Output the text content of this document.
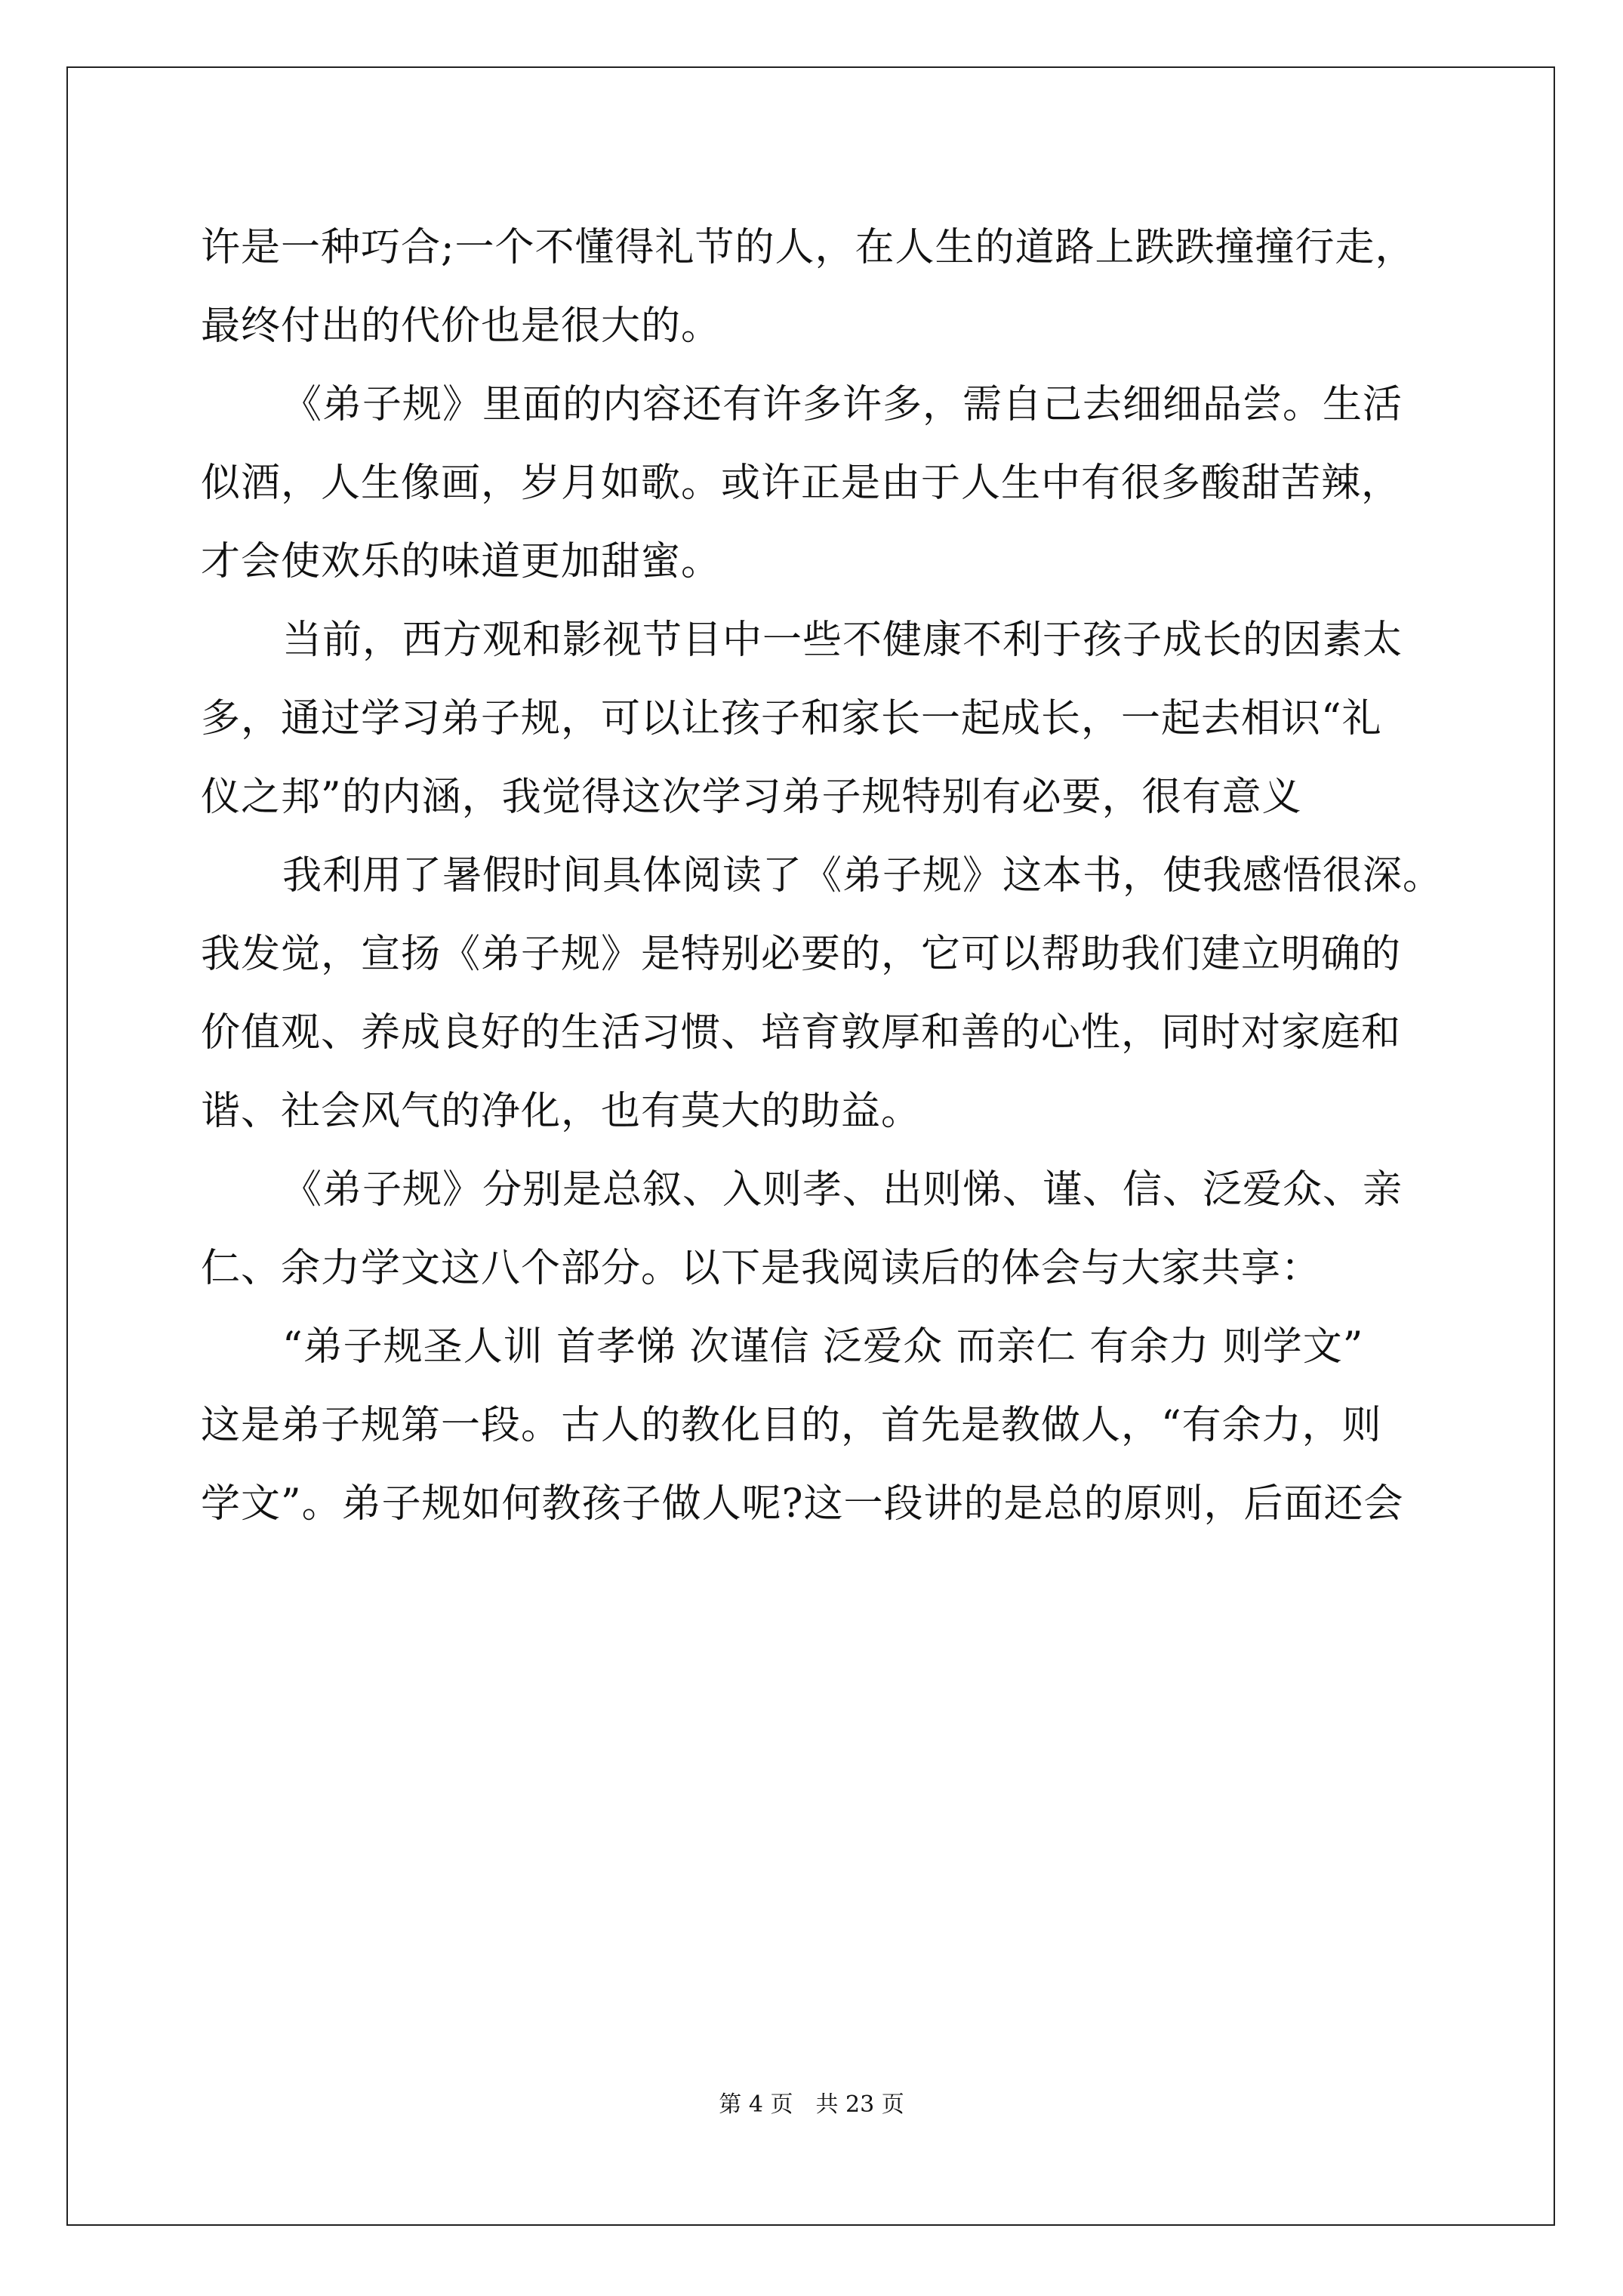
许是一种巧合;一个不懂得礼节的人，在人生的道路上跌跌撞撞行走，
最终付出的代价也是很大的。
《弟子规》里面的内容还有许多许多，需自己去细细品尝。生活
似酒，人生像画，岁月如歌。或许正是由于人生中有很多酸甜苦辣，
才会使欢乐的味道更加甜蜜。
当前，西方观和影视节目中一些不健康不利于孩子成长的因素太
多，通过学习弟子规，可以让孩子和家长一起成长，一起去相识“礼
仪之邦”的内涵，我觉得这次学习弟子规特别有必要，很有意义
我利用了暑假时间具体阅读了《弟子规》这本书，使我感悟很深。
我发觉，宣扬《弟子规》是特别必要的，它可以帮助我们建立明确的
价值观、养成良好的生活习惯、培育敦厚和善的心性，同时对家庭和
谐、社会风气的净化，也有莫大的助益。
《弟子规》分别是总叙、入则孝、出则悌、谨、信、泛爱众、亲
仁、余力学文这八个部分。以下是我阅读后的体会与大家共享：
“弟子规圣人训 首孝悌 次谨信 泛爱众 而亲仁 有余力 则学文”
这是弟子规第一段。古人的教化目的，首先是教做人，“有余力，则
学文”。弟子规如何教孩子做人呢?这一段讲的是总的原则，后面还会
第 4 页 共 23 页
